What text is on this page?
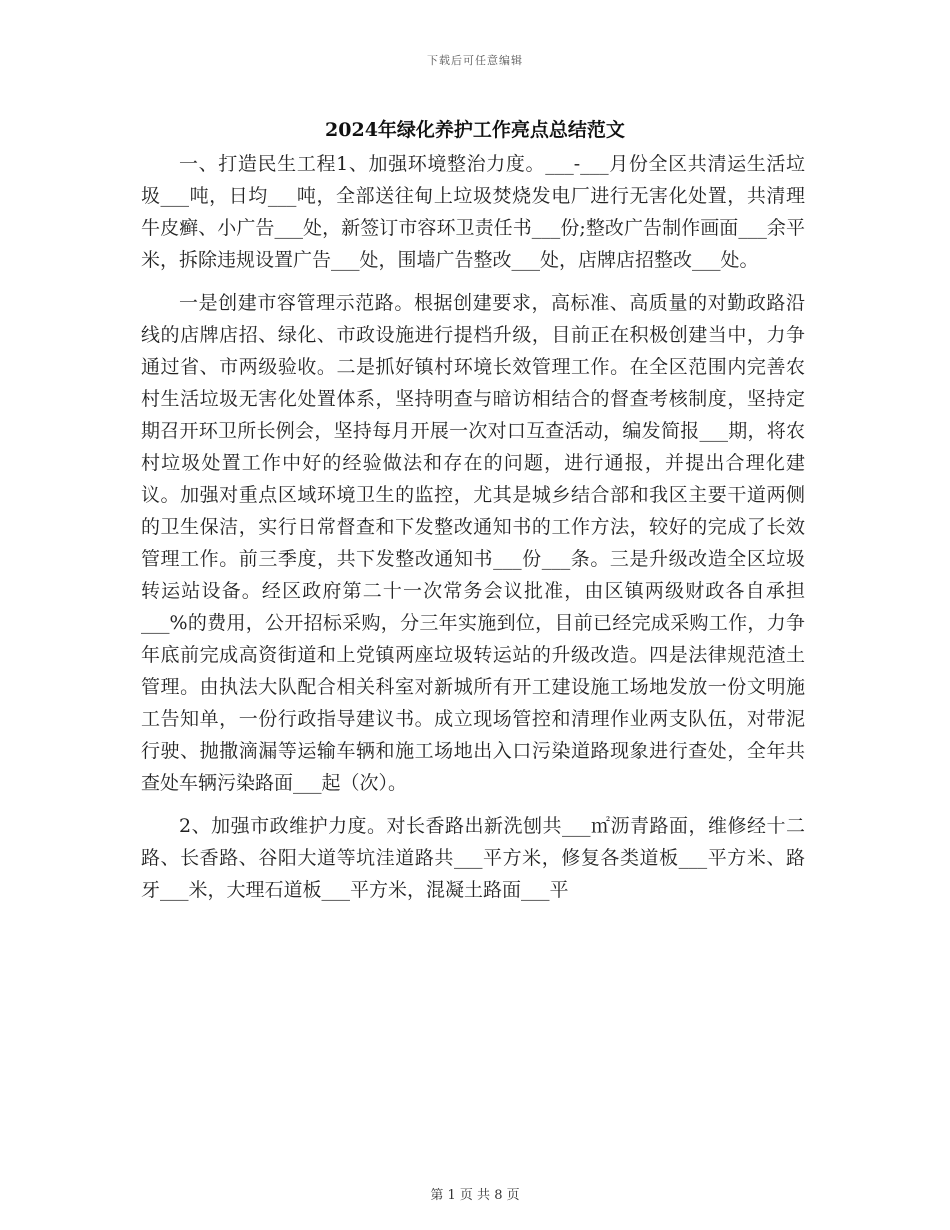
下载后可任意编辑
2024年绿化养护工作亮点总结范文

一、打造民生工程1、加强环境整治力度。___-___月份全区共清运生活垃圾___吨，日均___吨，全部送往甸上垃圾焚烧发电厂进行无害化处置，共清理牛皮癣、小广告___处，新签订市容环卫责任书___份;整改广告制作画面___余平米，拆除违规设置广告___处，围墙广告整改___处，店牌店招整改___处。

一是创建市容管理示范路。根据创建要求，高标准、高质量的对勤政路沿线的店牌店招、绿化、市政设施进行提档升级，目前正在积极创建当中，力争通过省、市两级验收。二是抓好镇村环境长效管理工作。在全区范围内完善农村生活垃圾无害化处置体系，坚持明查与暗访相结合的督查考核制度，坚持定期召开环卫所长例会，坚持每月开展一次对口互查活动，编发简报___期，将农村垃圾处置工作中好的经验做法和存在的问题，进行通报，并提出合理化建议。加强对重点区域环境卫生的监控，尤其是城乡结合部和我区主要干道两侧的卫生保洁，实行日常督查和下发整改通知书的工作方法，较好的完成了长效管理工作。前三季度，共下发整改通知书___份___条。三是升级改造全区垃圾转运站设备。经区政府第二十一次常务会议批准，由区镇两级财政各自承担___%的费用，公开招标采购，分三年实施到位，目前已经完成采购工作，力争年底前完成高资街道和上党镇两座垃圾转运站的升级改造。四是法律规范渣土管理。由执法大队配合相关科室对新城所有开工建设施工场地发放一份文明施工告知单，一份行政指导建议书。成立现场管控和清理作业两支队伍，对带泥行驶、抛撒滴漏等运输车辆和施工场地出入口污染道路现象进行查处，全年共查处车辆污染路面___起（次）。

2、加强市政维护力度。对长香路出新洗刨共___㎡沥青路面，维修经十二路、长香路、谷阳大道等坑洼道路共___平方米，修复各类道板___平方米、路牙___米，大理石道板___平方米，混凝土路面___平

第 1 页 共 8 页
